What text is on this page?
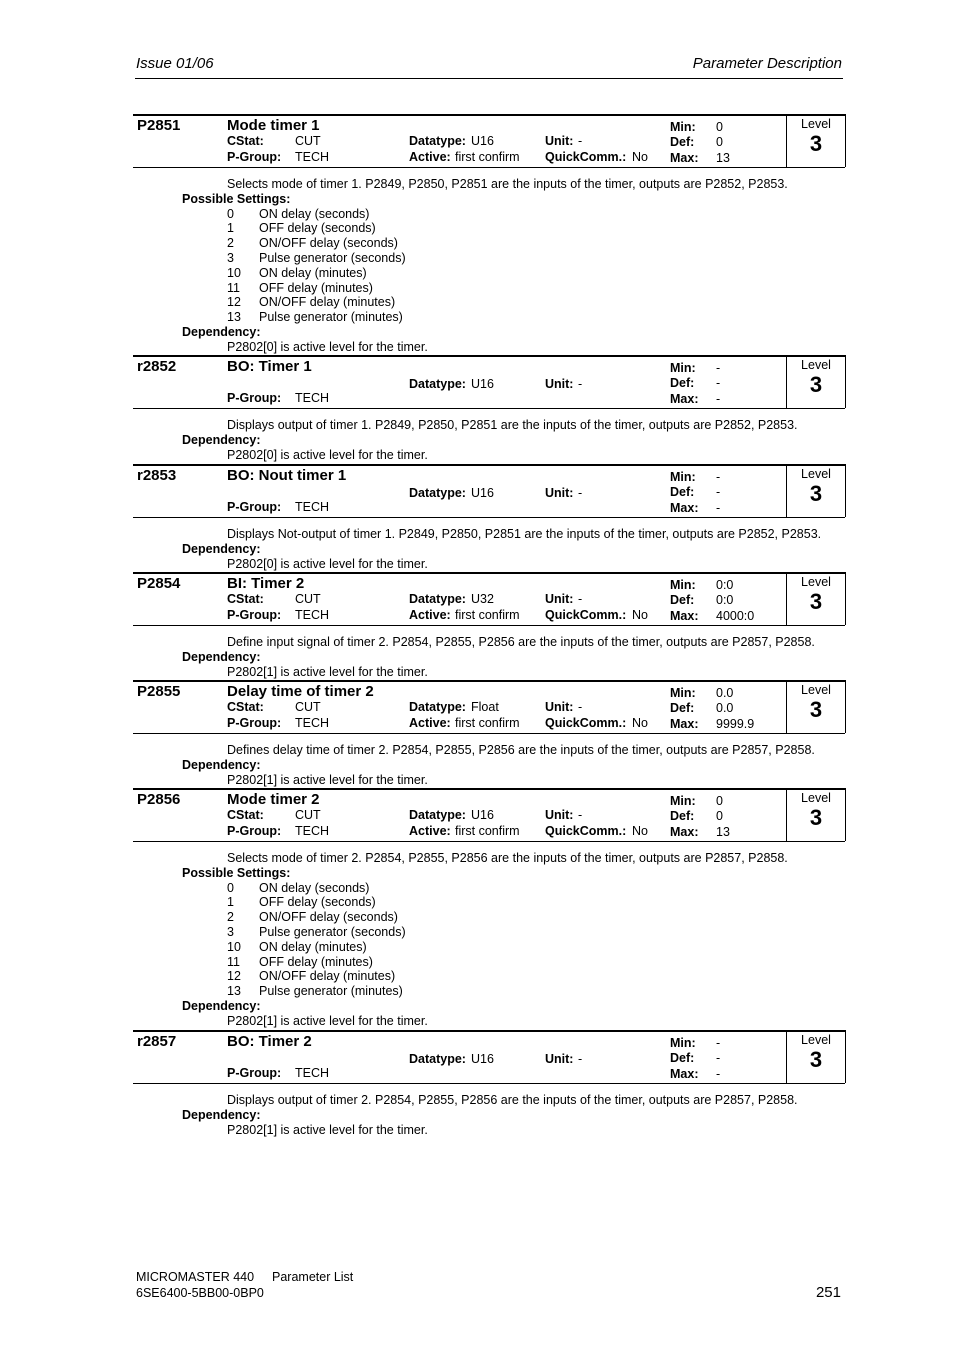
Issue 01/06	Parameter Description
P2851	Mode timer 1
CStat: CUT
P-Group: TECH
Datatype: U16	Unit: -
Active: first confirm QuickComm.: No
Min: 0
Def: 0
Max: 13
Level
3
Selects mode of timer 1. P2849, P2850, P2851 are the inputs of the timer, outputs are P2852, P2853.
Possible Settings:
0 ON delay (seconds)
1 OFF delay (seconds)
2 ON/OFF delay (seconds)
3 Pulse generator (seconds)
10 ON delay (minutes)
11 OFF delay (minutes)
12 ON/OFF delay (minutes)
13 Pulse generator (minutes)
Dependency:
P2802[0] is active level for the timer.
r2852	BO: Timer 1
P-Group: TECH
Datatype: U16	Unit: -
Min: -
Def: -
Max: -
Level
3
Displays output of timer 1. P2849, P2850, P2851 are the inputs of the timer, outputs are P2852, P2853.
Dependency:
P2802[0] is active level for the timer.
r2853	BO: Nout timer 1
P-Group: TECH
Datatype: U16	Unit: -
Min: -
Def: -
Max: -
Level
3
Displays Not-output of timer 1. P2849, P2850, P2851 are the inputs of the timer, outputs are P2852, P2853.
Dependency:
P2802[0] is active level for the timer.
P2854	BI: Timer 2
CStat: CUT
P-Group: TECH
Datatype: U32	Unit: -
Active: first confirm QuickComm.: No
Min: 0:0
Def: 0:0
Max: 4000:0
Level
3
Define input signal of timer 2. P2854, P2855, P2856 are the inputs of the timer, outputs are P2857, P2858.
Dependency:
P2802[1] is active level for the timer.
P2855	Delay time of timer 2
CStat: CUT
P-Group: TECH
Datatype: Float	Unit: -
Active: first confirm QuickComm.: No
Min: 0.0
Def: 0.0
Max: 9999.9
Level
3
Defines delay time of timer 2. P2854, P2855, P2856 are the inputs of the timer, outputs are P2857, P2858.
Dependency:
P2802[1] is active level for the timer.
P2856	Mode timer 2
CStat: CUT
P-Group: TECH
Datatype: U16	Unit: -
Active: first confirm QuickComm.: No
Min: 0
Def: 0
Max: 13
Level
3
Selects mode of timer 2. P2854, P2855, P2856 are the inputs of the timer, outputs are P2857, P2858.
Possible Settings:
0 ON delay (seconds)
1 OFF delay (seconds)
2 ON/OFF delay (seconds)
3 Pulse generator (seconds)
10 ON delay (minutes)
11 OFF delay (minutes)
12 ON/OFF delay (minutes)
13 Pulse generator (minutes)
Dependency:
P2802[1] is active level for the timer.
r2857	BO: Timer 2
P-Group: TECH
Datatype: U16	Unit: -
Min: -
Def: -
Max: -
Level
3
Displays output of timer 2. P2854, P2855, P2856 are the inputs of the timer, outputs are P2857, P2858.
Dependency:
P2802[1] is active level for the timer.
MICROMASTER 440 Parameter List
6SE6400-5BB00-0BP0	251
